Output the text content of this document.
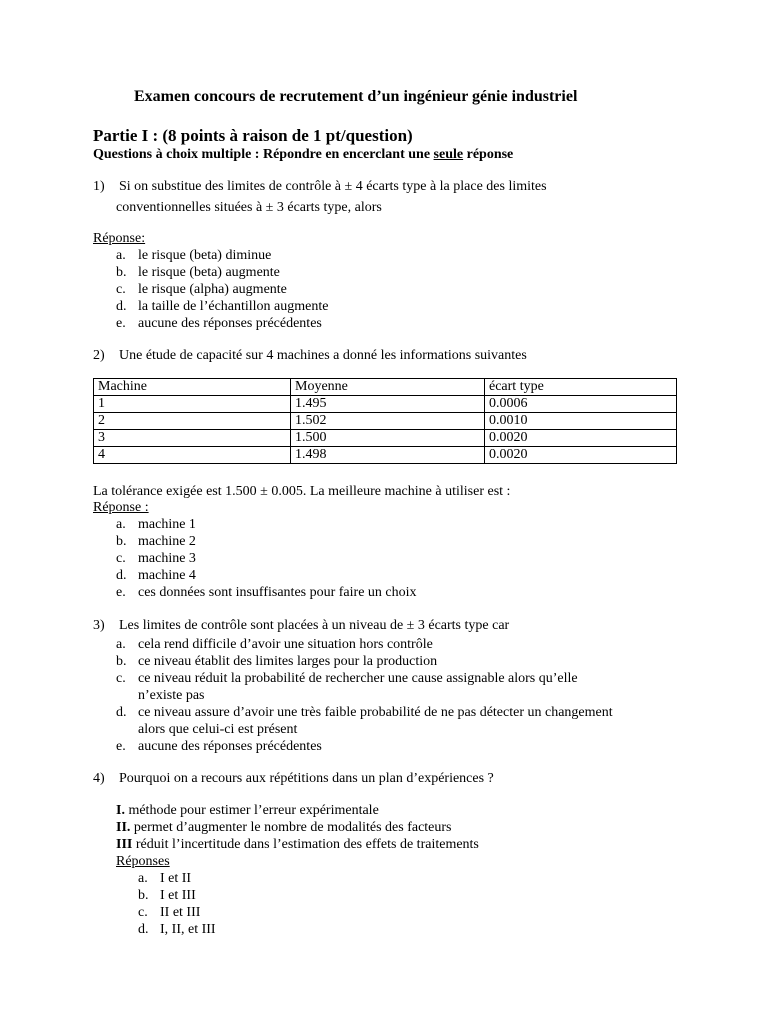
Examen concours de recrutement d’un ingénieur génie industriel
Partie I : (8 points à raison de 1 pt/question)
Questions à choix multiple : Répondre en encerclant une seule réponse
1) Si on substitue des limites de contrôle à ± 4 écarts type à la place des limites
conventionnelles situées à ± 3 écarts type, alors
Réponse:
a. le risque (beta) diminue
b. le risque (beta) augmente
c. le risque (alpha) augmente
d. la taille de l’échantillon augmente
e. aucune des réponses précédentes
2) Une étude de capacité sur 4 machines a donné les informations suivantes
Machine	Moyenne	écart type
1	1.495	0.0006
2	1.502	0.0010
3	1.500	0.0020
4	1.498	0.0020
La tolérance exigée est 1.500 ± 0.005. La meilleure machine à utiliser est :
Réponse :
a. machine 1
b. machine 2
c. machine 3
d. machine 4
e. ces données sont insuffisantes pour faire un choix
3) Les limites de contrôle sont placées à un niveau de ± 3 écarts type car
a. cela rend difficile d’avoir une situation hors contrôle
b. ce niveau établit des limites larges pour la production
c. ce niveau réduit la probabilité de rechercher une cause assignable alors qu’elle
n’existe pas
d. ce niveau assure d’avoir une très faible probabilité de ne pas détecter un changement
alors que celui-ci est présent
e. aucune des réponses précédentes
4) Pourquoi on a recours aux répétitions dans un plan d’expériences ?
I. méthode pour estimer l’erreur expérimentale
II. permet d’augmenter le nombre de modalités des facteurs
III réduit l’incertitude dans l’estimation des effets de traitements
Réponses
a. I et II
b. I et III
c. II et III
d. I, II, et III
